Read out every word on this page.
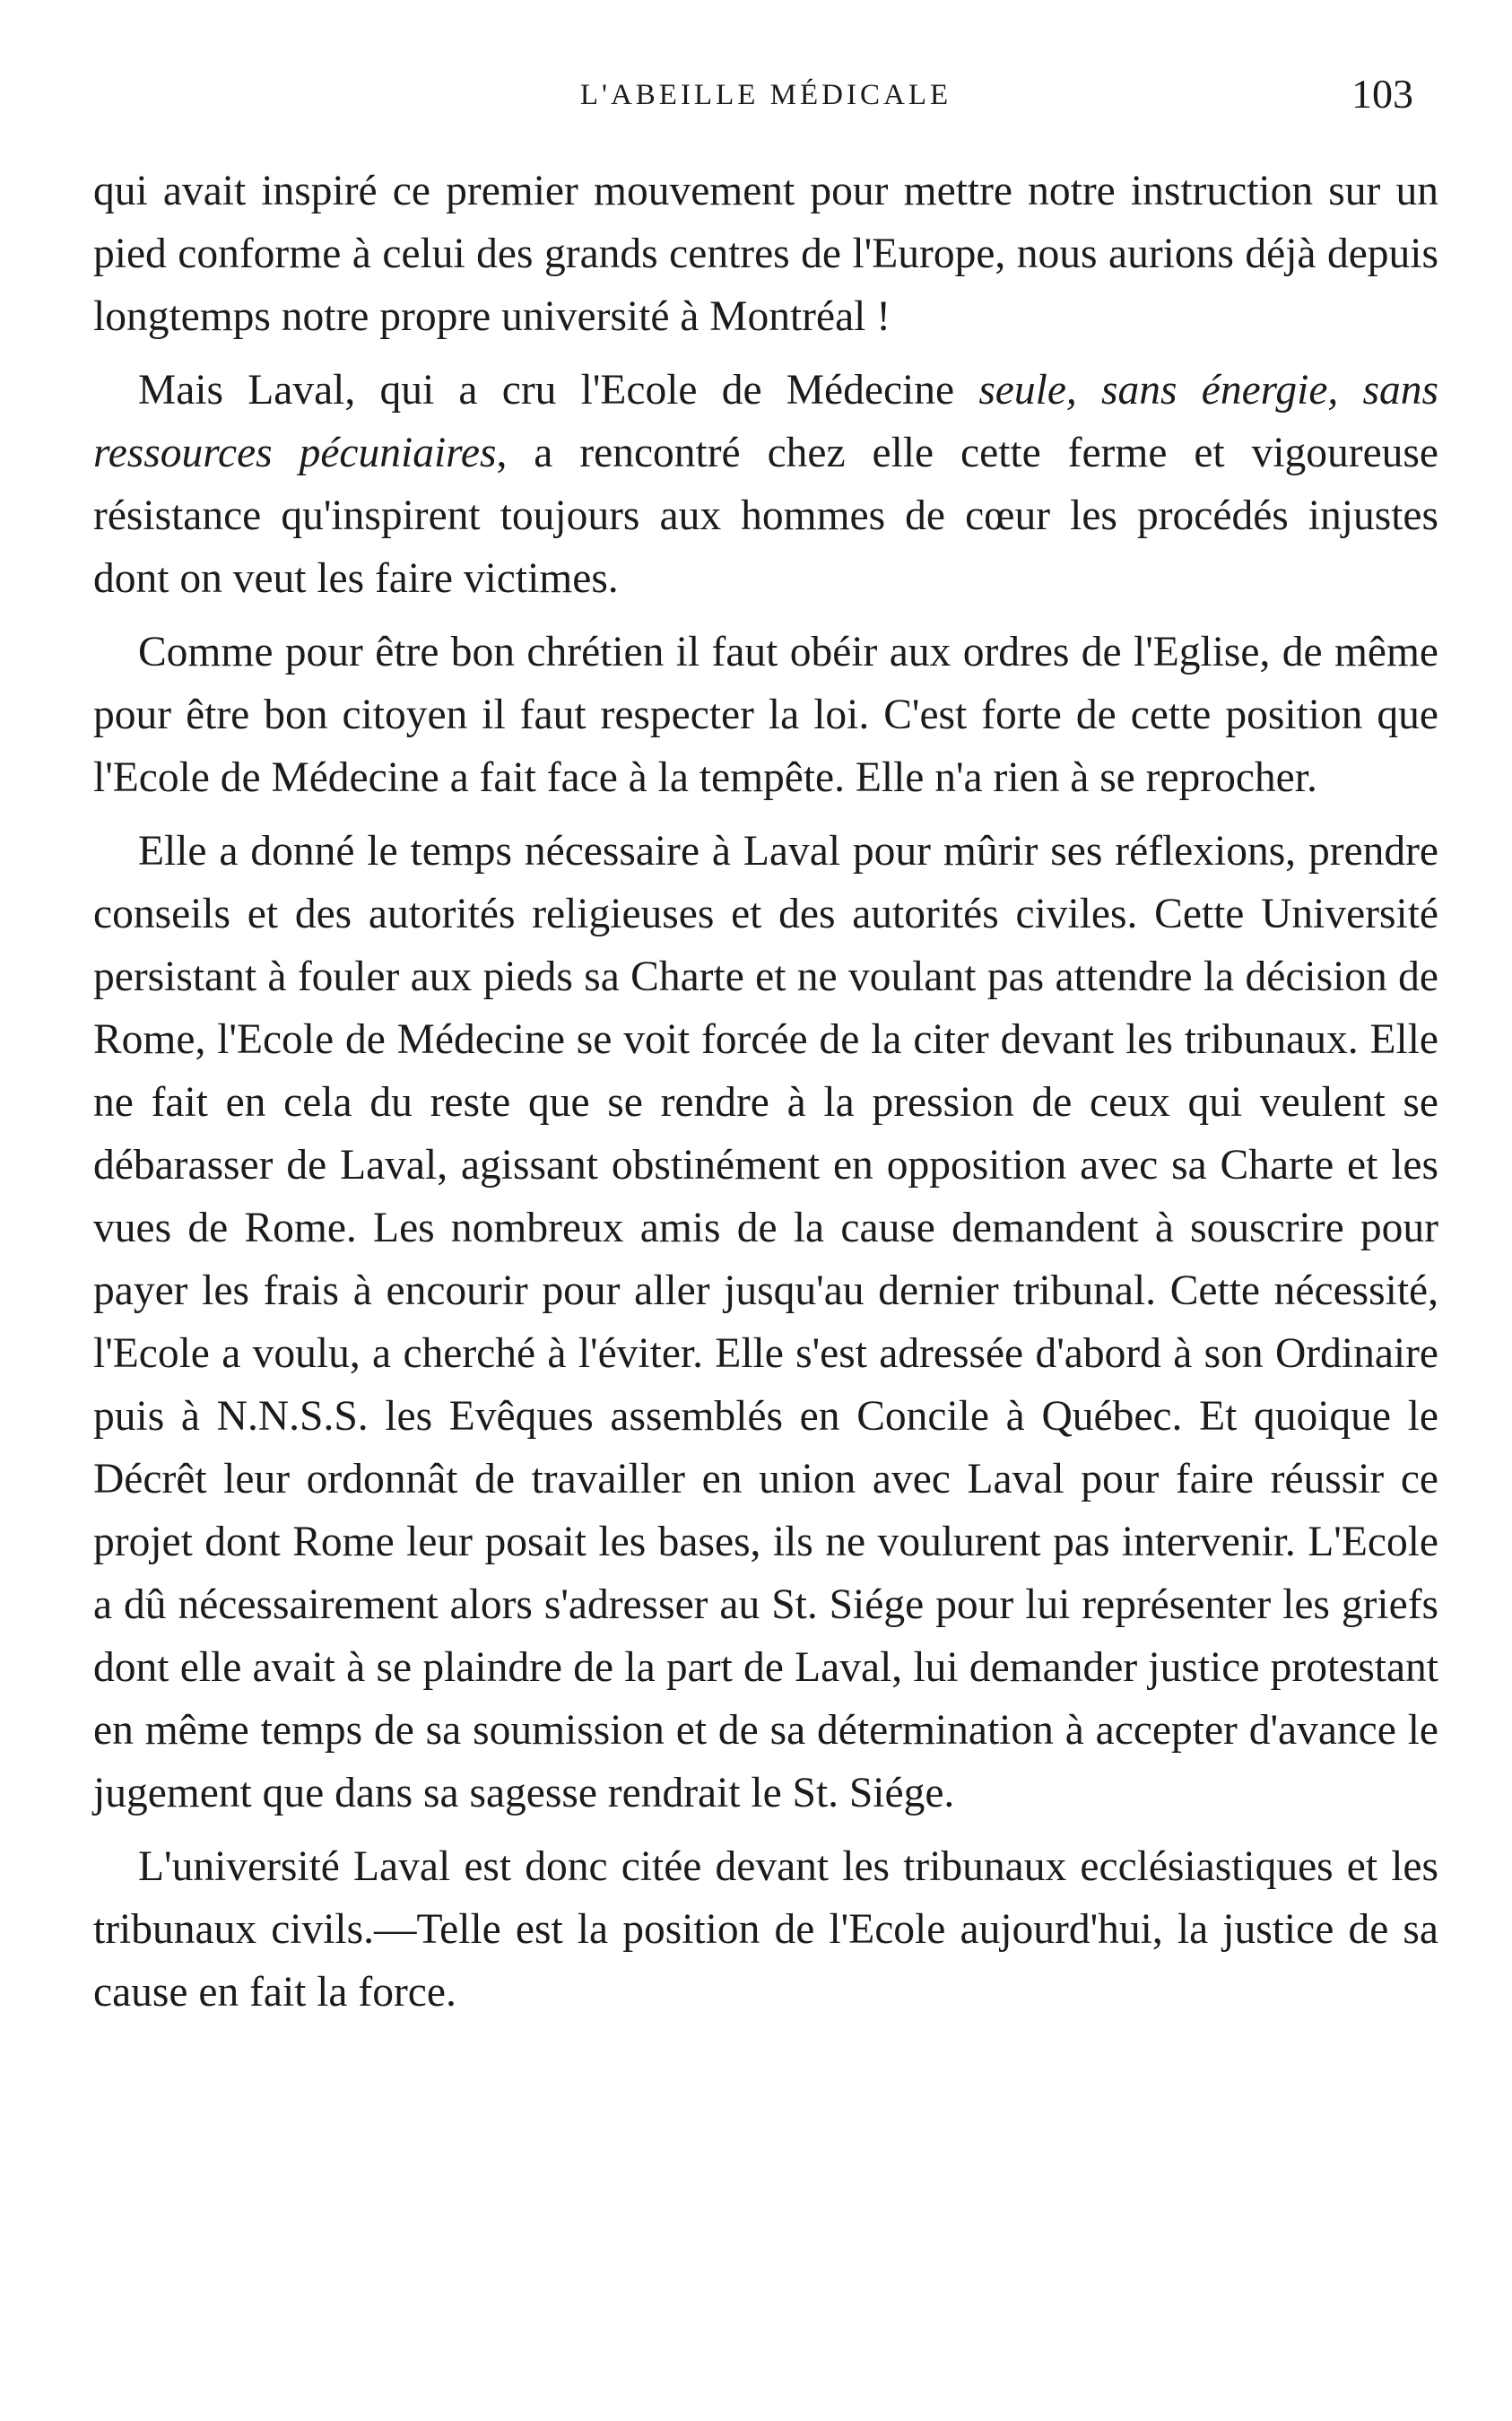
L'ABEILLE MÉDICALE	103

qui avait inspiré ce premier mouvement pour mettre notre instruction sur un pied conforme à celui des grands centres de l'Europe, nous aurions déjà depuis longtemps notre propre université à Montréal !

Mais Laval, qui a cru l'Ecole de Médecine seule, sans énergie, sans ressources pécuniaires, a rencontré chez elle cette ferme et vigoureuse résistance qu'inspirent toujours aux hommes de cœur les procédés injustes dont on veut les faire victimes.

Comme pour être bon chrétien il faut obéir aux ordres de l'Eglise, de même pour être bon citoyen il faut respecter la loi. C'est forte de cette position que l'Ecole de Médecine a fait face à la tempête. Elle n'a rien à se reprocher.

Elle a donné le temps nécessaire à Laval pour mûrir ses réflexions, prendre conseils et des autorités religieuses et des autorités civiles. Cette Université persistant à fouler aux pieds sa Charte et ne voulant pas attendre la décision de Rome, l'Ecole de Médecine se voit forcée de la citer devant les tribunaux. Elle ne fait en cela du reste que se rendre à la pression de ceux qui veulent se débarasser de Laval, agissant obstinément en opposition avec sa Charte et les vues de Rome. Les nombreux amis de la cause demandent à souscrire pour payer les frais à encourir pour aller jusqu'au dernier tribunal. Cette nécessité, l'Ecole a voulu, a cherché à l'éviter. Elle s'est adressée d'abord à son Ordinaire puis à N.N.S.S. les Evêques assemblés en Concile à Québec. Et quoique le Décrêt leur ordonnât de travailler en union avec Laval pour faire réussir ce projet dont Rome leur posait les bases, ils ne voulurent pas intervenir. L'Ecole a dû nécessairement alors s'adresser au St. Siége pour lui représenter les griefs dont elle avait à se plaindre de la part de Laval, lui demander justice protestant en même temps de sa soumission et de sa détermination à accepter d'avance le jugement que dans sa sagesse rendrait le St. Siége.

L'université Laval est donc citée devant les tribunaux ecclésiastiques et les tribunaux civils.—Telle est la position de l'Ecole aujourd'hui, la justice de sa cause en fait la force.
